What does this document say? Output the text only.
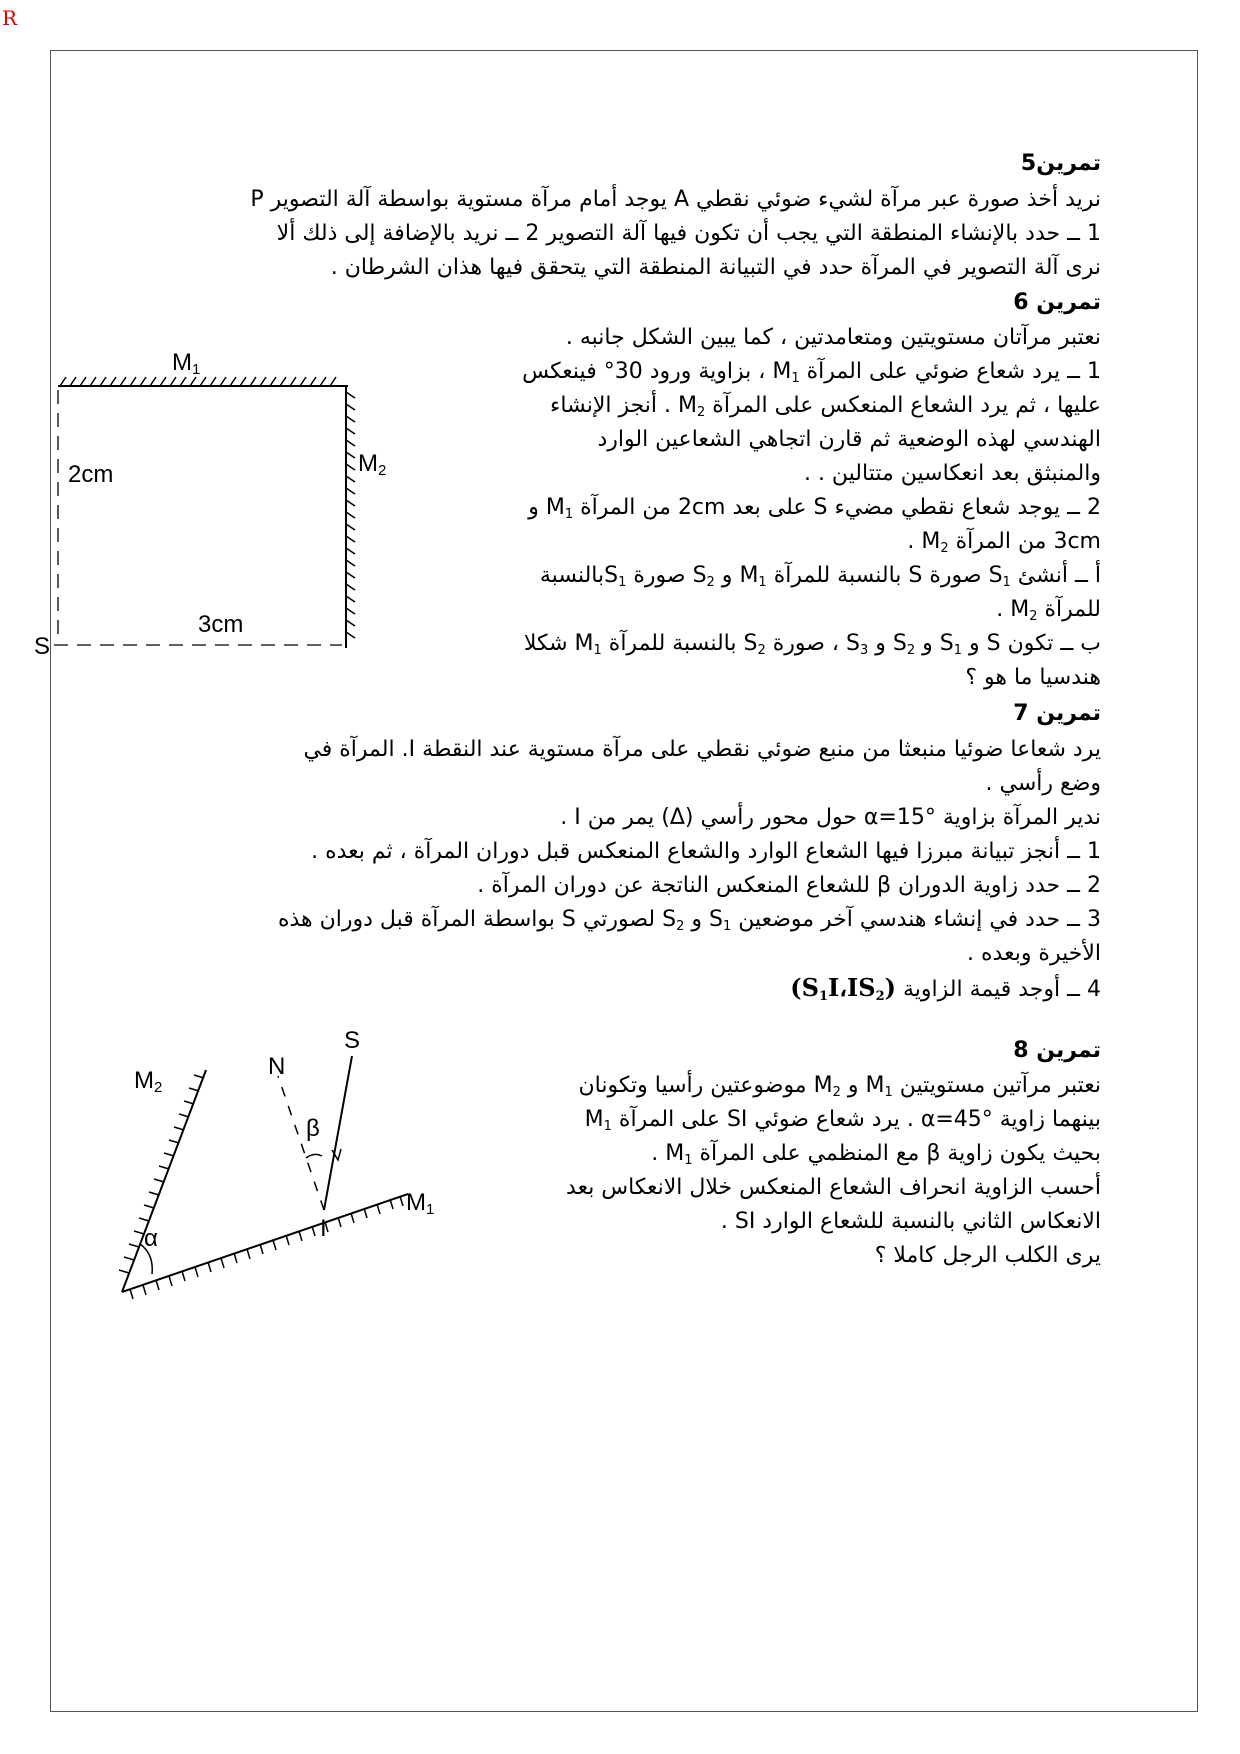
R
تمرين5
نريد أخذ صورة عبر مرآة لشيء ضوئي نقطي A يوجد أمام مرآة مستوية بواسطة آلة التصوير P
1 ــ حدد بالإنشاء المنطقة التي يجب أن تكون فيها آلة التصوير 2 ــ نريد بالإضافة إلى ذلك ألا
نرى آلة التصوير في المرآة حدد في التبيانة المنطقة التي يتحقق فيها هذان الشرطان .
تمرين 6
نعتبر مرآتان مستويتين ومتعامدتين ، كما يبين الشكل جانبه .
1 ــ يرد شعاع ضوئي على المرآة $M_1$ ، بزاوية ورود 30° فينعكس
عليها ، ثم يرد الشعاع المنعكس على المرآة $M_2$ . أنجز الإنشاء
الهندسي لهذه الوضعية ثم قارن اتجاهي الشعاعين الوارد
والمنبثق بعد انعكاسين متتالين . .
2 ــ يوجد شعاع نقطي مضيء S على بعد 2cm من المرآة $M_1$ و
3cm من المرآة $M_2$ .
أ ــ أنشئ $S_1$ صورة S بالنسبة للمرآة $M_1$ و $S_2$ صورة $S_1بالنسبة$
للمرآة $M_2$ .
ب ــ تكون S و $S_1$ و $S_2$ و $S_3$ ، صورة $S_2$ بالنسبة للمرآة $M_1$ شكلا
هندسيا ما هو ؟
M1
M2
2cm
3cm
S
تمرين 7
يرد شعاعا ضوئيا منبعثا من منبع ضوئي نقطي على مرآة مستوية عند النقطة I. المرآة في
وضع رأسي .
ندير المرآة بزاوية α=15° حول محور رأسي (Δ) يمر من I .
1 ــ أنجز تبيانة مبرزا فيها الشعاع الوارد والشعاع المنعكس قبل دوران المرآة ، ثم بعده .
2 ــ حدد زاوية الدوران β للشعاع المنعكس الناتجة عن دوران المرآة .
3 ــ حدد في إنشاء هندسي آخر موضعين $S_1$ و $S_2$ لصورتي S بواسطة المرآة قبل دوران هذه
الأخيرة وبعده .
4 ــ أوجد قيمة الزاوية $(S_1I،IS_2)$
تمرين 8
نعتبر مرآتين مستويتين $M_1$ و $M_2$ موضوعتين رأسيا وتكونان
بينهما زاوية α=45° . يرد شعاع ضوئي SI على المرآة $M_1$
بحيث يكون زاوية β مع المنظمي على المرآة $M_1$ .
أحسب الزاوية انحراف الشعاع المنعكس خلال الانعكاس بعد
الانعكاس الثاني بالنسبة للشعاع الوارد SI .
يرى الكلب الرجل كاملا ؟
S
N
β
α	I
M1
M2
